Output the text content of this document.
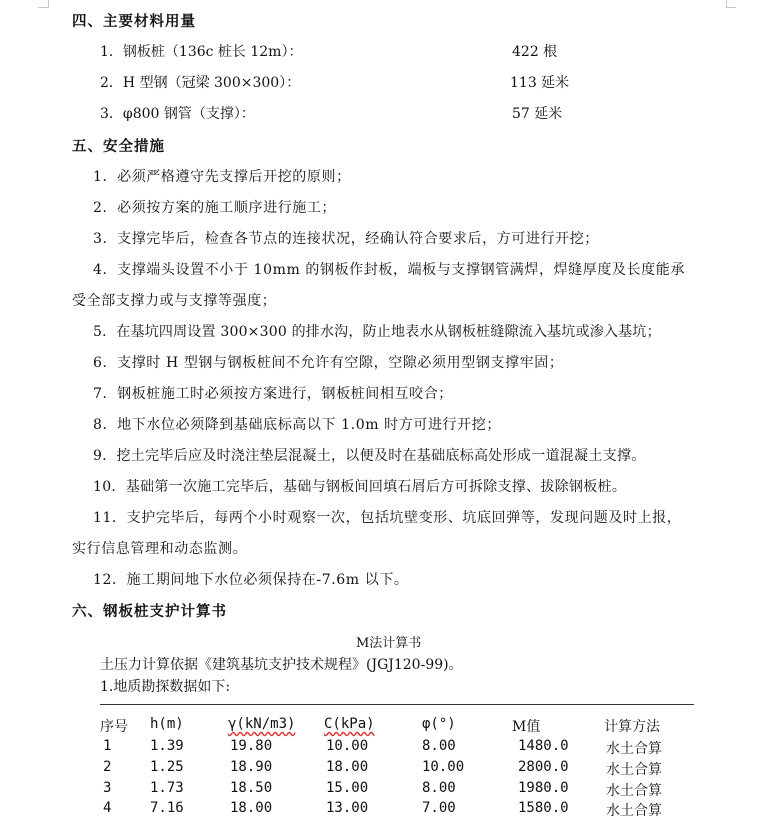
四、主要材料用量
1．钢板桩（136c 桩长 12m）：	422 根
2．H 型钢（冠梁 300×300）：	113 延米
3．φ800 钢管（支撑）：	57 延米
五、安全措施
1．必须严格遵守先支撑后开挖的原则；
2．必须按方案的施工顺序进行施工；
3．支撑完毕后，检查各节点的连接状况，经确认符合要求后，方可进行开挖；
4．支撑端头设置不小于 10mm 的钢板作封板，端板与支撑钢管满焊，焊缝厚度及长度能承
受全部支撑力或与支撑等强度；
5．在基坑四周设置 300×300 的排水沟，防止地表水从钢板桩缝隙流入基坑或渗入基坑；
6．支撑时 H 型钢与钢板桩间不允许有空隙，空隙必须用型钢支撑牢固；
7．钢板桩施工时必须按方案进行，钢板桩间相互咬合；
8．地下水位必须降到基础底标高以下 1.0m 时方可进行开挖；
9．挖土完毕后应及时浇注垫层混凝土，以便及时在基础底标高处形成一道混凝土支撑。
10．基础第一次施工完毕后，基础与钢板间回填石屑后方可拆除支撑、拔除钢板桩。
11．支护完毕后，每两个小时观察一次，包括坑壁变形、坑底回弹等，发现问题及时上报，
实行信息管理和动态监测。
12．施工期间地下水位必须保持在-7.6m 以下。
六、钢板桩支护计算书
M法计算书
土压力计算依据《建筑基坑支护技术规程》(JGJ120-99)。
1.地质勘探数据如下:
序号 h(m)	γ(kN/m3) C(kPa)	φ(°)	M值	计算方法
1	1.39	19.80	10.00	8.00	1480.0	水土合算
2	1.25	18.90	18.00	10.00	2800.0	水土合算
3	1.73	18.50	15.00	8.00	1980.0	水土合算
4	7.16	18.00	13.00	7.00	1580.0	水土合算
